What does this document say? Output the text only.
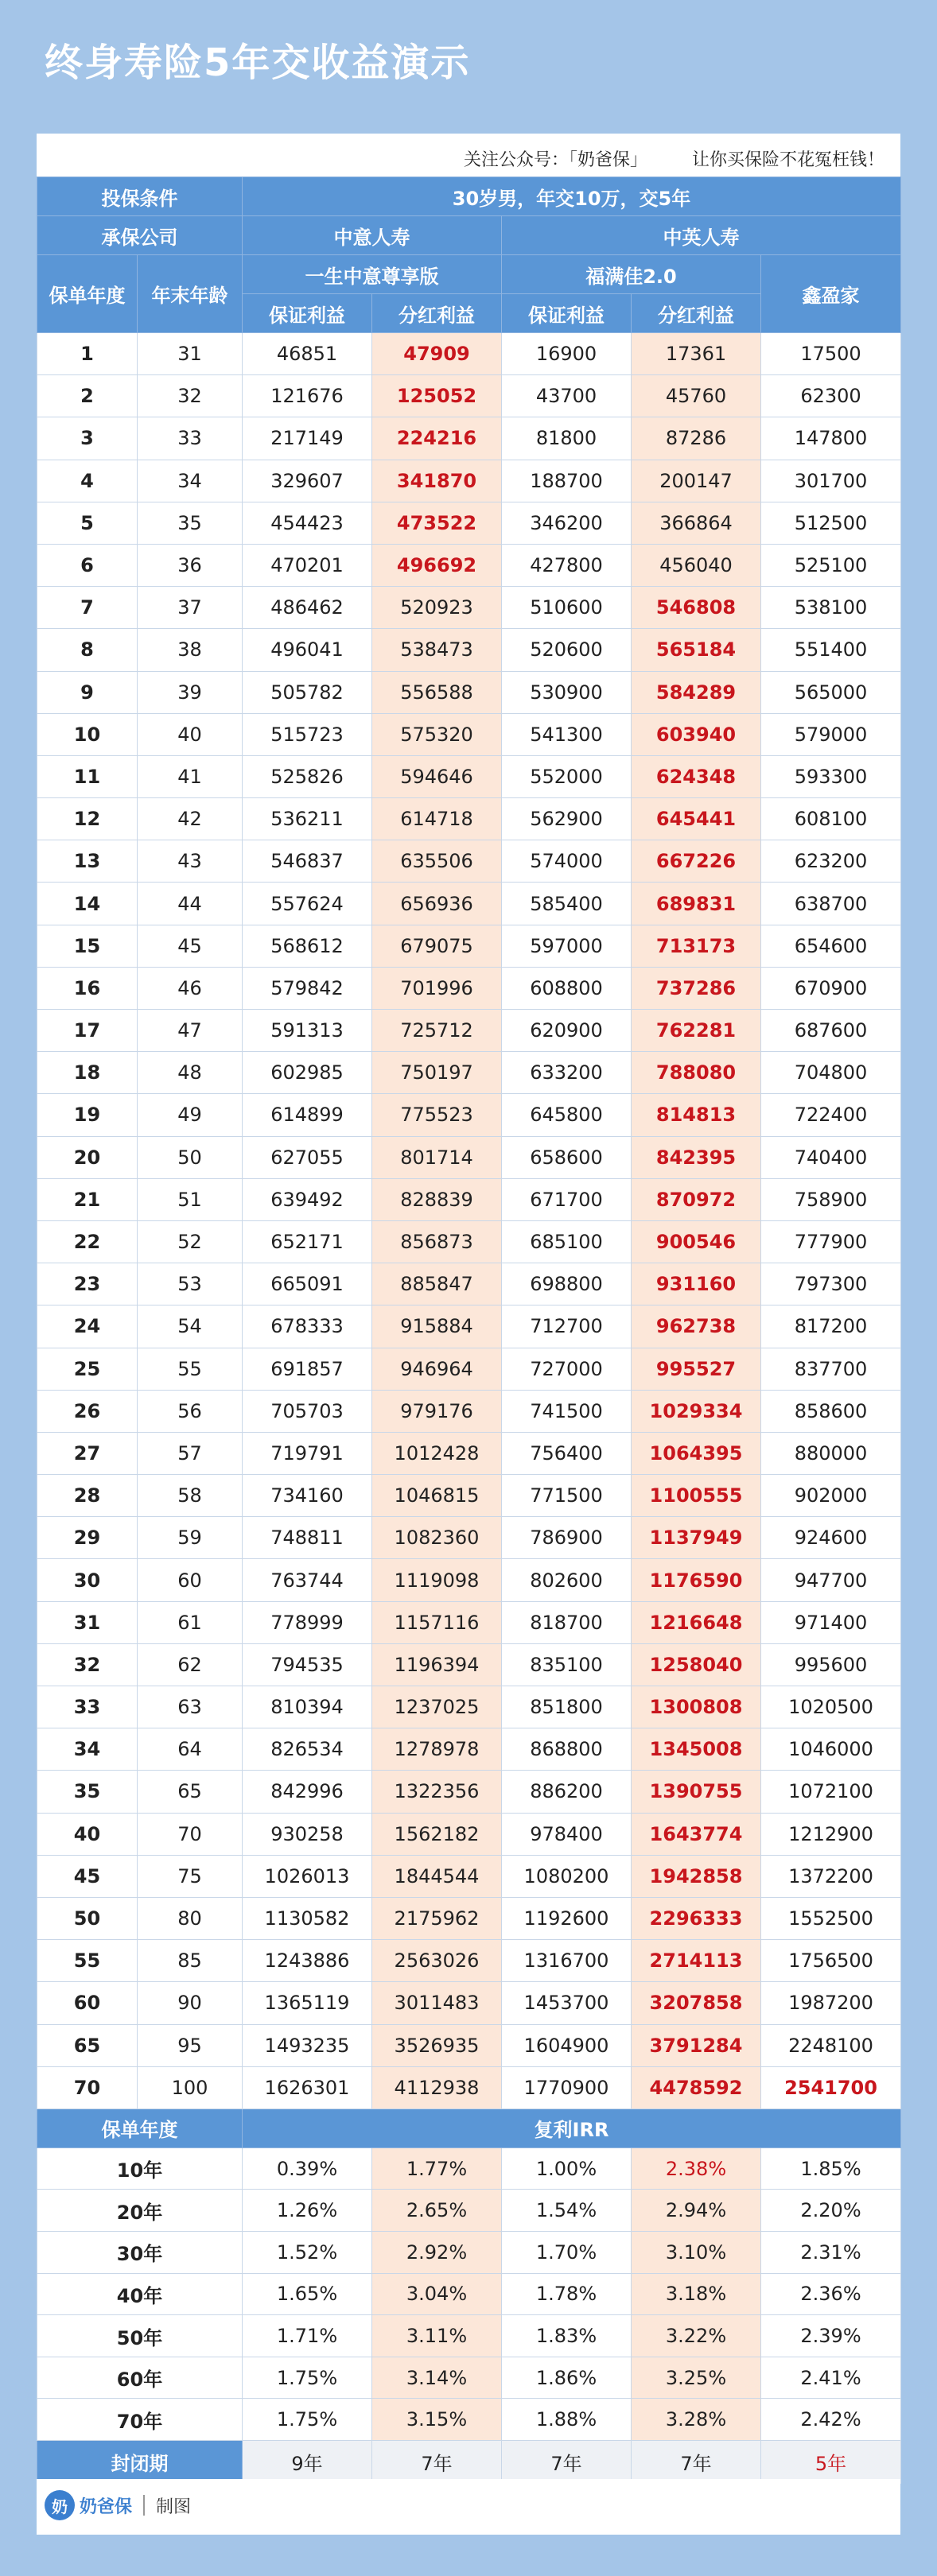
终身寿险5年交收益演示
关注公众号：「奶爸保」	让你买保险不花冤枉钱！
投保条件		30岁男，年交10万，交5年				
承保公司		中意人寿		中英人寿		
保单年度	年末年龄	一生中意尊享版		福满佳2.0		鑫盈家
		保证利益	分红利益	保证利益	分红利益	
1	31	46851	47909	16900	17361	17500
2	32	121676	125052	43700	45760	62300
3	33	217149	224216	81800	87286	147800
4	34	329607	341870	188700	200147	301700
5	35	454423	473522	346200	366864	512500
6	36	470201	496692	427800	456040	525100
7	37	486462	520923	510600	546808	538100
8	38	496041	538473	520600	565184	551400
9	39	505782	556588	530900	584289	565000
10	40	515723	575320	541300	603940	579000
11	41	525826	594646	552000	624348	593300
12	42	536211	614718	562900	645441	608100
13	43	546837	635506	574000	667226	623200
14	44	557624	656936	585400	689831	638700
15	45	568612	679075	597000	713173	654600
16	46	579842	701996	608800	737286	670900
17	47	591313	725712	620900	762281	687600
18	48	602985	750197	633200	788080	704800
19	49	614899	775523	645800	814813	722400
20	50	627055	801714	658600	842395	740400
21	51	639492	828839	671700	870972	758900
22	52	652171	856873	685100	900546	777900
23	53	665091	885847	698800	931160	797300
24	54	678333	915884	712700	962738	817200
25	55	691857	946964	727000	995527	837700
26	56	705703	979176	741500	1029334	858600
27	57	719791	1012428	756400	1064395	880000
28	58	734160	1046815	771500	1100555	902000
29	59	748811	1082360	786900	1137949	924600
30	60	763744	1119098	802600	1176590	947700
31	61	778999	1157116	818700	1216648	971400
32	62	794535	1196394	835100	1258040	995600
33	63	810394	1237025	851800	1300808	1020500
34	64	826534	1278978	868800	1345008	1046000
35	65	842996	1322356	886200	1390755	1072100
40	70	930258	1562182	978400	1643774	1212900
45	75	1026013	1844544	1080200	1942858	1372200
50	80	1130582	2175962	1192600	2296333	1552500
55	85	1243886	2563026	1316700	2714113	1756500
60	90	1365119	3011483	1453700	3207858	1987200
65	95	1493235	3526935	1604900	3791284	2248100
70	100	1626301	4112938	1770900	4478592	2541700
保单年度		复利IRR				
10年		0.39%	1.77%	1.00%	2.38%	1.85%
20年		1.26%	2.65%	1.54%	2.94%	2.20%
30年		1.52%	2.92%	1.70%	3.10%	2.31%
40年		1.65%	3.04%	1.78%	3.18%	2.36%
50年		1.71%	3.11%	1.83%	3.22%	2.39%
60年		1.75%	3.14%	1.86%	3.25%	2.41%
70年		1.75%	3.15%	1.88%	3.28%	2.42%
封闭期		9年	7年	7年	7年	5年
奶 奶爸保 制图
